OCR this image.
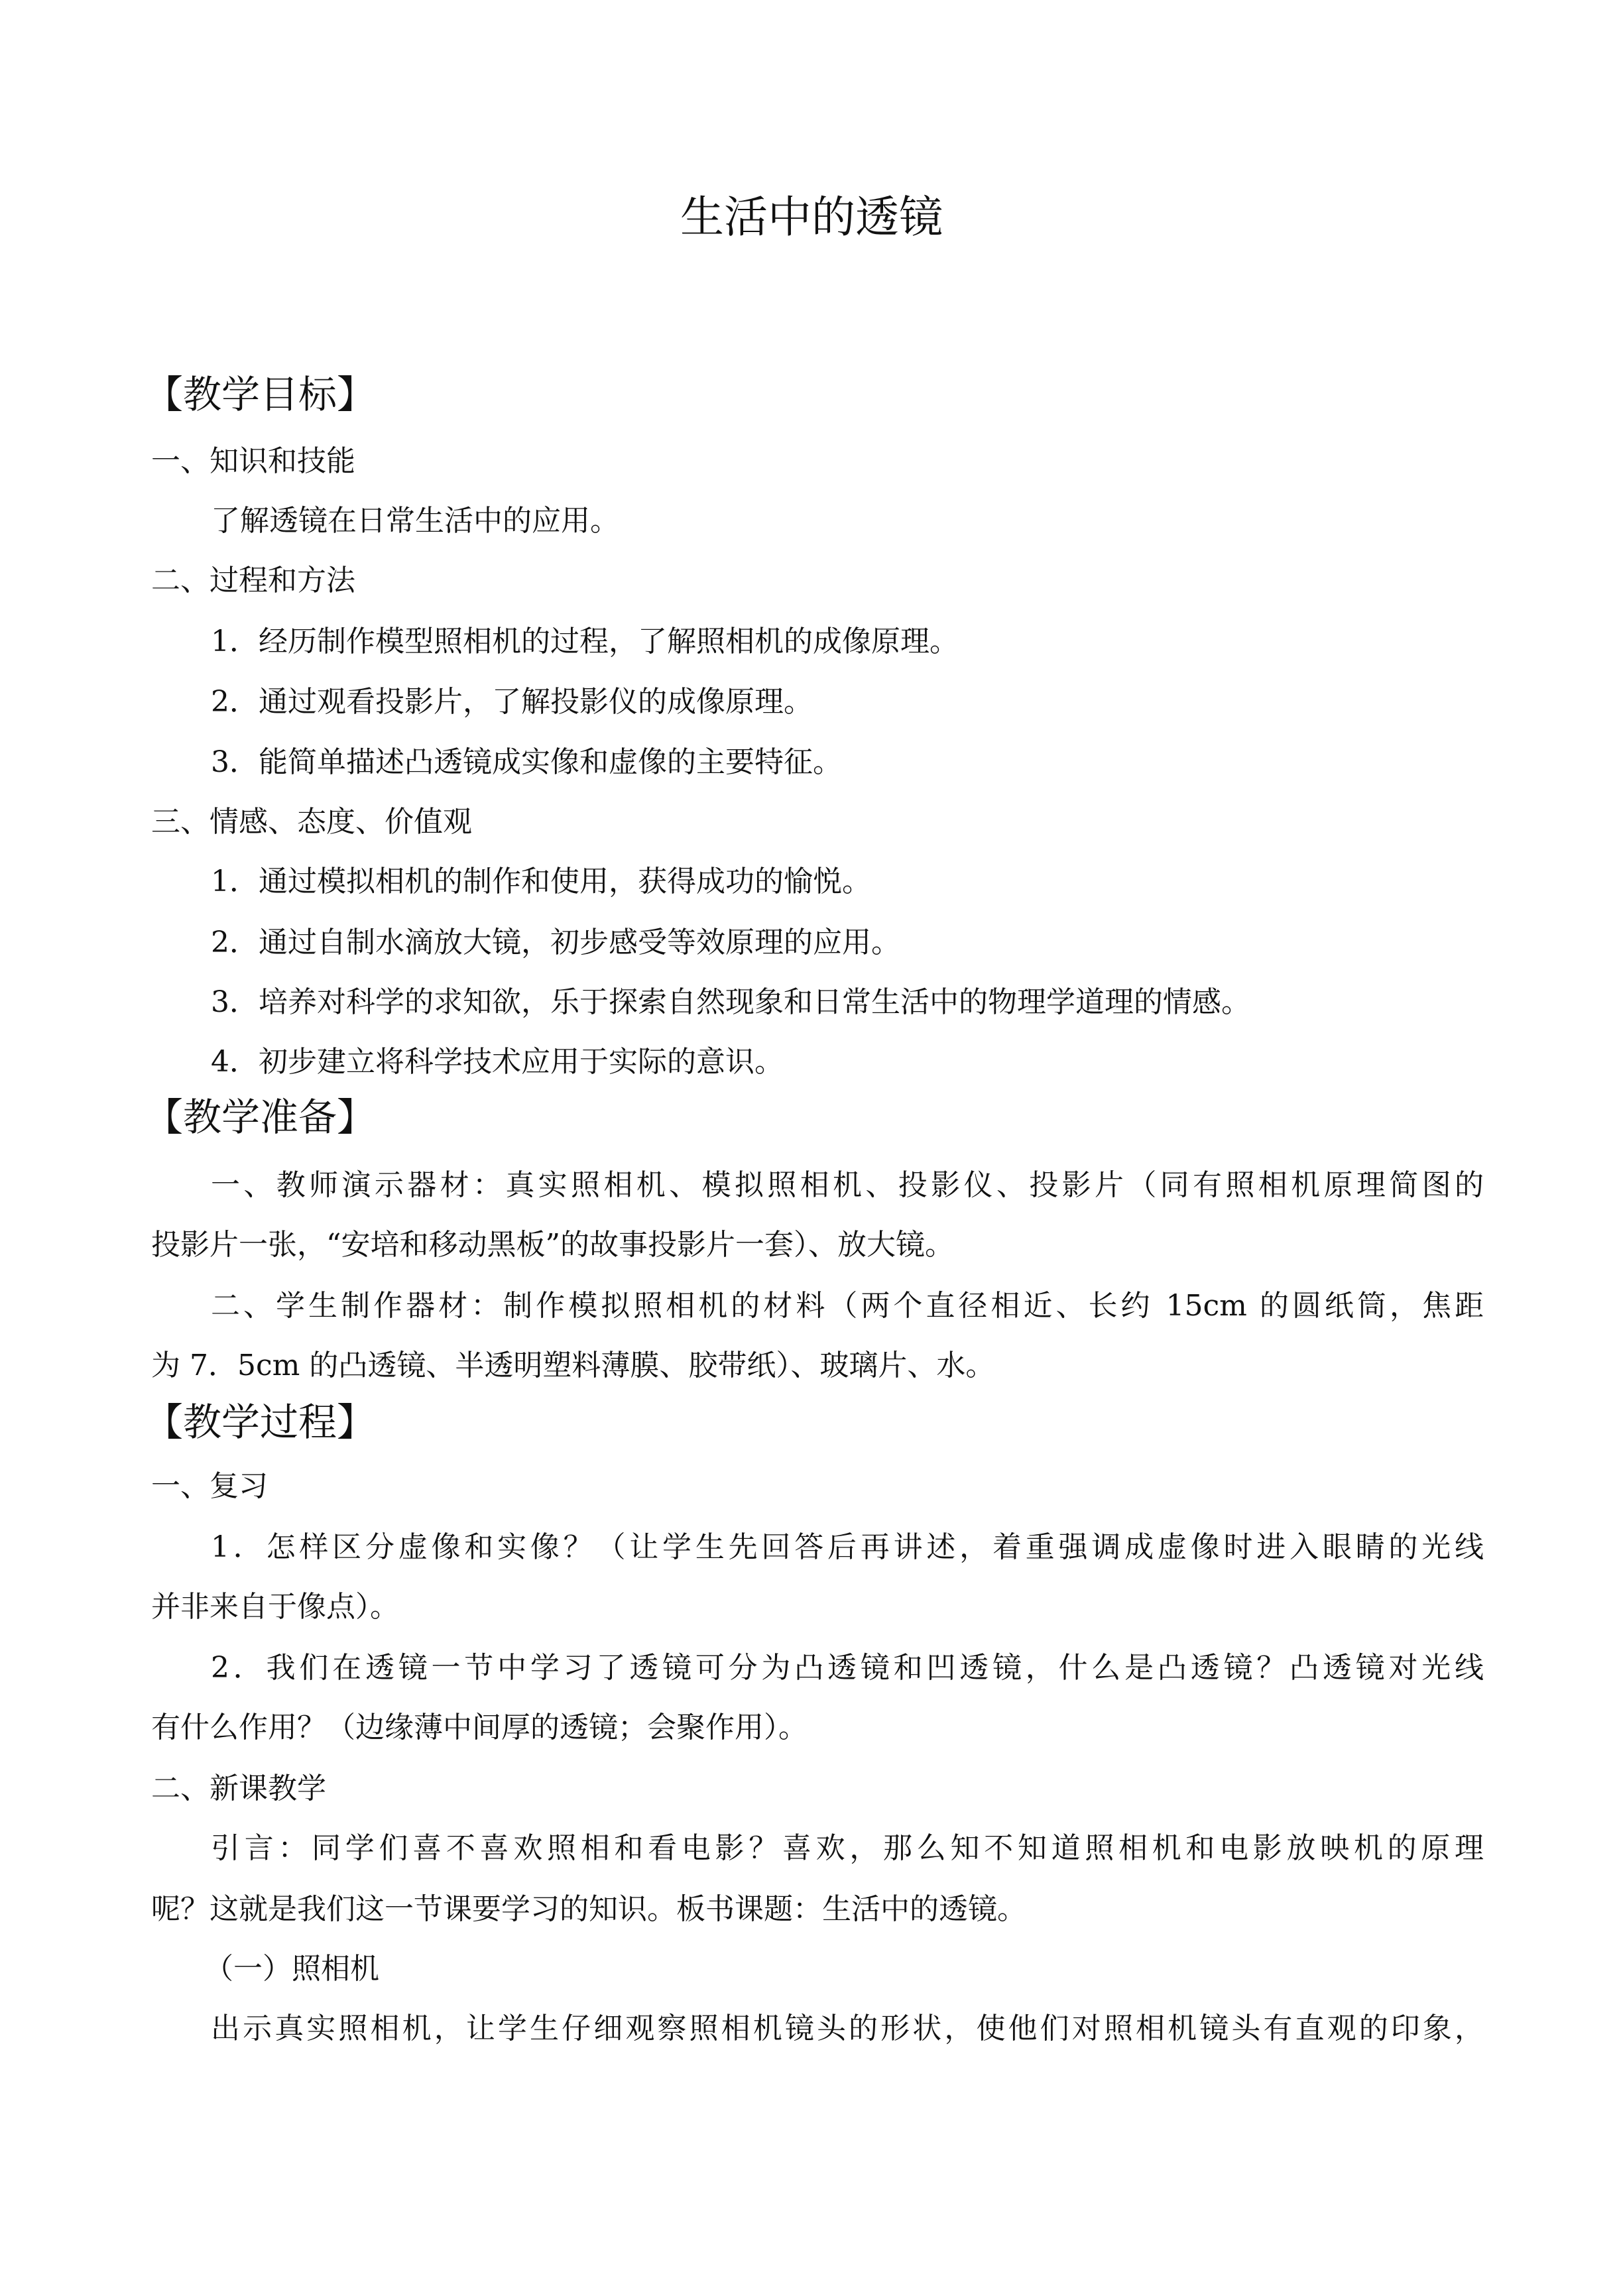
生活中的透镜
【教学目标】
一、知识和技能
了解透镜在日常生活中的应用。
二、过程和方法
1．经历制作模型照相机的过程，了解照相机的成像原理。
2．通过观看投影片，了解投影仪的成像原理。
3．能简单描述凸透镜成实像和虚像的主要特征。
三、情感、态度、价值观
1．通过模拟相机的制作和使用，获得成功的愉悦。
2．通过自制水滴放大镜，初步感受等效原理的应用。
3．培养对科学的求知欲，乐于探索自然现象和日常生活中的物理学道理的情感。
4．初步建立将科学技术应用于实际的意识。
【教学准备】
一、教师演示器材：真实照相机、模拟照相机、投影仪、投影片（同有照相机原理简图的
投影片一张，“安培和移动黑板”的故事投影片一套）、放大镜。
二、学生制作器材：制作模拟照相机的材料（两个直径相近、长约 15cm 的圆纸筒，焦距
为 7．5cm 的凸透镜、半透明塑料薄膜、胶带纸）、玻璃片、水。
【教学过程】
一、复习
1．怎样区分虚像和实像？（让学生先回答后再讲述，着重强调成虚像时进入眼睛的光线
并非来自于像点）。
2．我们在透镜一节中学习了透镜可分为凸透镜和凹透镜，什么是凸透镜？凸透镜对光线
有什么作用？（边缘薄中间厚的透镜；会聚作用）。
二、新课教学
引言：同学们喜不喜欢照相和看电影？喜欢，那么知不知道照相机和电影放映机的原理
呢？这就是我们这一节课要学习的知识。板书课题：生活中的透镜。
（一）照相机
出示真实照相机，让学生仔细观察照相机镜头的形状，使他们对照相机镜头有直观的印象，
